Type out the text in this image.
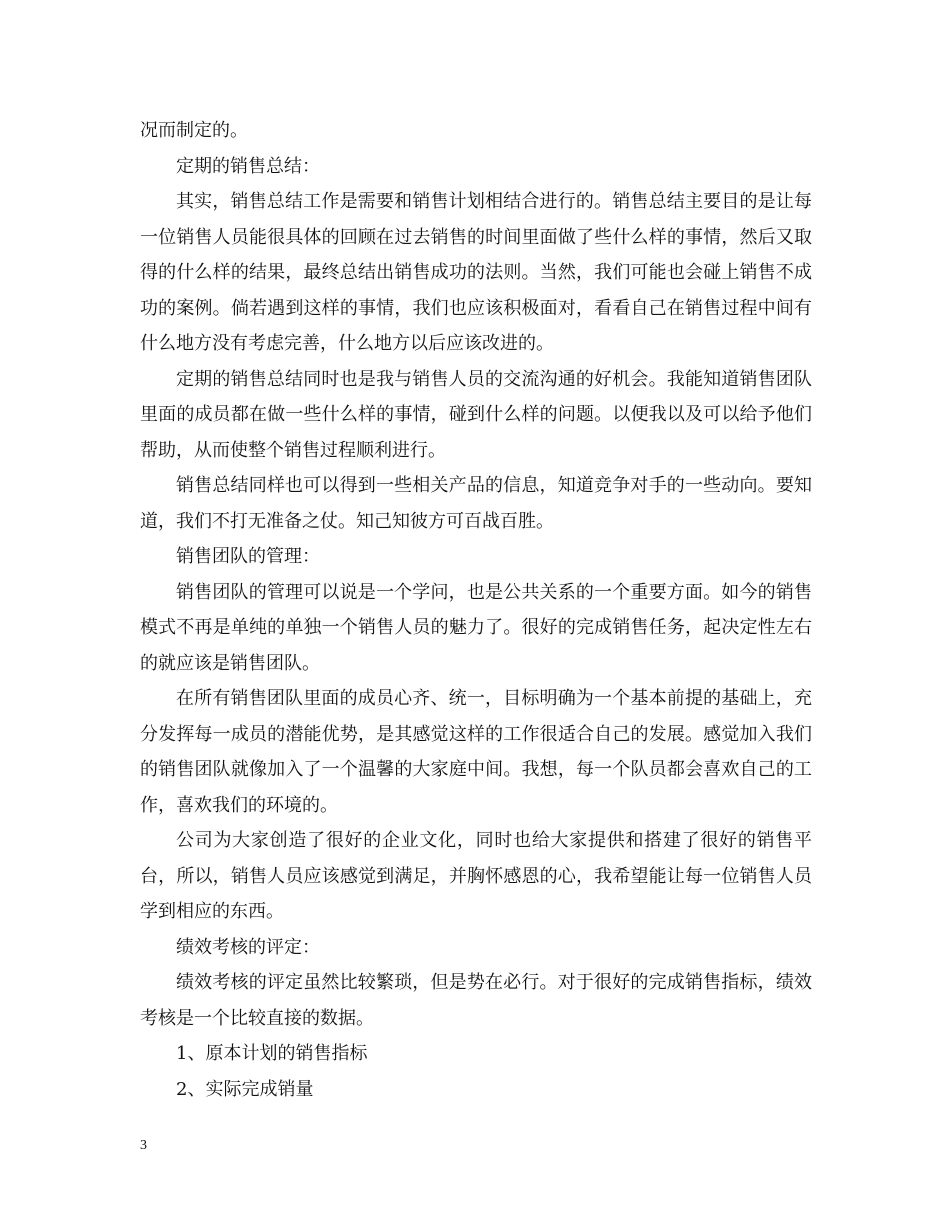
况而制定的。

定期的销售总结：

其实，销售总结工作是需要和销售计划相结合进行的。销售总结主要目的是让每一位销售人员能很具体的回顾在过去销售的时间里面做了些什么样的事情，然后又取得的什么样的结果，最终总结出销售成功的法则。当然，我们可能也会碰上销售不成功的案例。倘若遇到这样的事情，我们也应该积极面对，看看自己在销售过程中间有什么地方没有考虑完善，什么地方以后应该改进的。

定期的销售总结同时也是我与销售人员的交流沟通的好机会。我能知道销售团队里面的成员都在做一些什么样的事情，碰到什么样的问题。以便我以及可以给予他们帮助，从而使整个销售过程顺利进行。

销售总结同样也可以得到一些相关产品的信息，知道竞争对手的一些动向。要知道，我们不打无准备之仗。知己知彼方可百战百胜。

销售团队的管理：

销售团队的管理可以说是一个学问，也是公共关系的一个重要方面。如今的销售模式不再是单纯的单独一个销售人员的魅力了。很好的完成销售任务，起决定性左右的就应该是销售团队。

在所有销售团队里面的成员心齐、统一，目标明确为一个基本前提的基础上，充分发挥每一成员的潜能优势，是其感觉这样的工作很适合自己的发展。感觉加入我们的销售团队就像加入了一个温馨的大家庭中间。我想，每一个队员都会喜欢自己的工作，喜欢我们的环境的。

公司为大家创造了很好的企业文化，同时也给大家提供和搭建了很好的销售平台，所以，销售人员应该感觉到满足，并胸怀感恩的心，我希望能让每一位销售人员学到相应的东西。

绩效考核的评定：

绩效考核的评定虽然比较繁琐，但是势在必行。对于很好的完成销售指标，绩效考核是一个比较直接的数据。

1、原本计划的销售指标

2、实际完成销量

3
